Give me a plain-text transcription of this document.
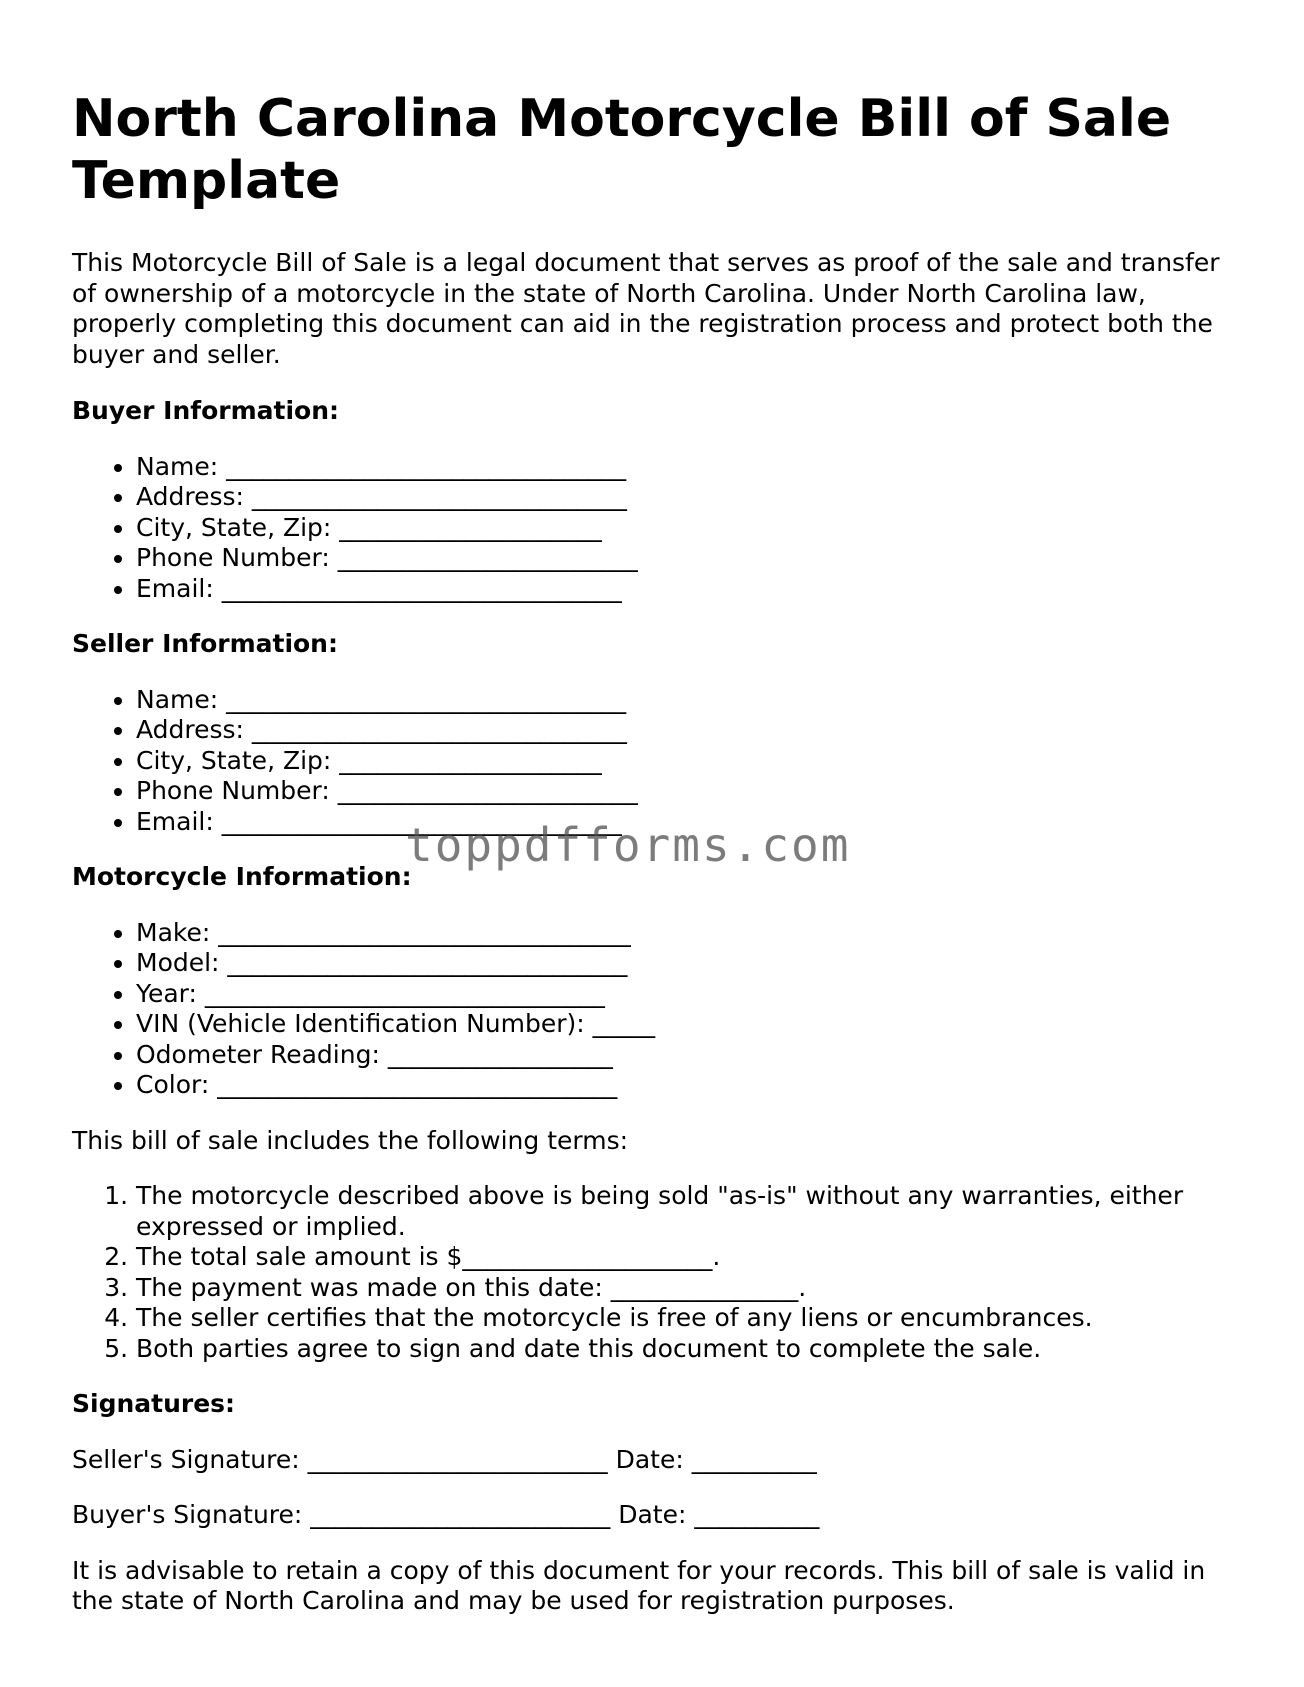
North Carolina Motorcycle Bill of Sale Template

This Motorcycle Bill of Sale is a legal document that serves as proof of the sale and transfer of ownership of a motorcycle in the state of North Carolina. Under North Carolina law, properly completing this document can aid in the registration process and protect both the buyer and seller.

Buyer Information:
• Name: ________________________________
• Address: ______________________________
• City, State, Zip: _____________________
• Phone Number: ________________________
• Email: ________________________________
Seller Information:
• Name: ________________________________
• Address: ______________________________
• City, State, Zip: _____________________
• Phone Number: ________________________
• Email: ________________________________
Motorcycle Information:
• Make: _________________________________
• Model: ________________________________
• Year: ________________________________
• VIN (Vehicle Identification Number): _____
• Odometer Reading: __________________
• Color: ________________________________

This bill of sale includes the following terms:

1. The motorcycle described above is being sold "as-is" without any warranties, either expressed or implied.
2. The total sale amount is $____________________.
3. The payment was made on this date: _______________.
4. The seller certifies that the motorcycle is free of any liens or encumbrances.
5. Both parties agree to sign and date this document to complete the sale.
Signatures:

Seller's Signature: ________________________ Date: __________

Buyer's Signature: ________________________ Date: __________

It is advisable to retain a copy of this document for your records. This bill of sale is valid in the state of North Carolina and may be used for registration purposes.

toppdfforms.com
